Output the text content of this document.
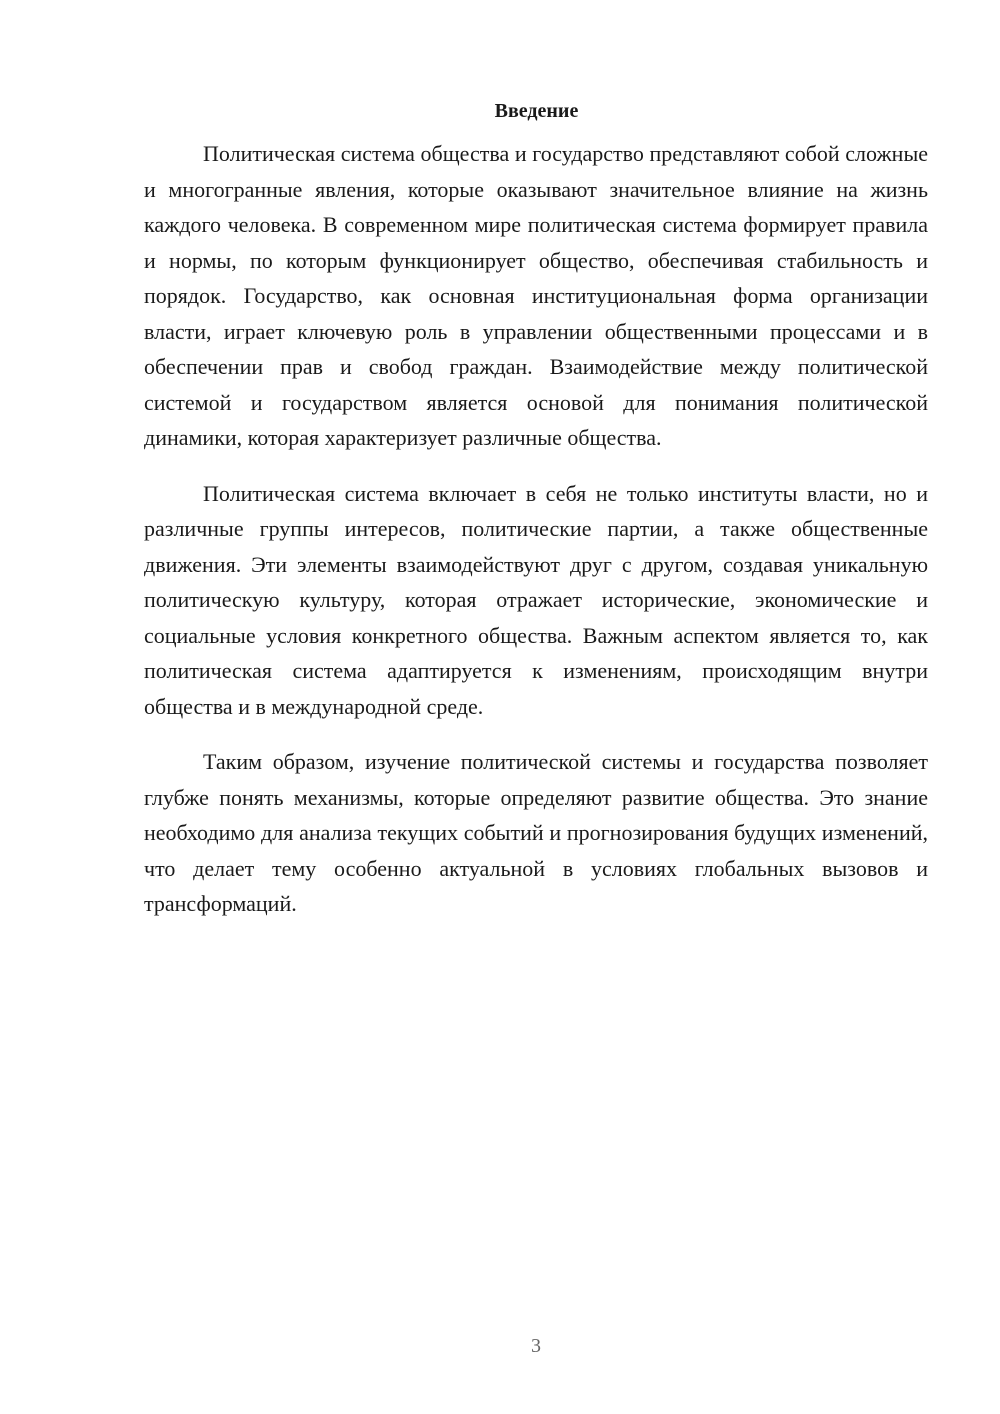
Введение

Политическая система общества и государство представляют собой сложные и многогранные явления, которые оказывают значительное влияние на жизнь каждого человека. В современном мире политическая система формирует правила и нормы, по которым функционирует общество, обеспечивая стабильность и порядок. Государство, как основная институциональная форма организации власти, играет ключевую роль в управлении общественными процессами и в обеспечении прав и свобод граждан. Взаимодействие между политической системой и государством является основой для понимания политической динамики, которая характеризует различные общества.

Политическая система включает в себя не только институты власти, но и различные группы интересов, политические партии, а также общественные движения. Эти элементы взаимодействуют друг с другом, создавая уникальную политическую культуру, которая отражает исторические, экономические и социальные условия конкретного общества. Важным аспектом является то, как политическая система адаптируется к изменениям, происходящим внутри общества и в международной среде.

Таким образом, изучение политической системы и государства позволяет глубже понять механизмы, которые определяют развитие общества. Это знание необходимо для анализа текущих событий и прогнозирования будущих изменений, что делает тему особенно актуальной в условиях глобальных вызовов и трансформаций.

3
